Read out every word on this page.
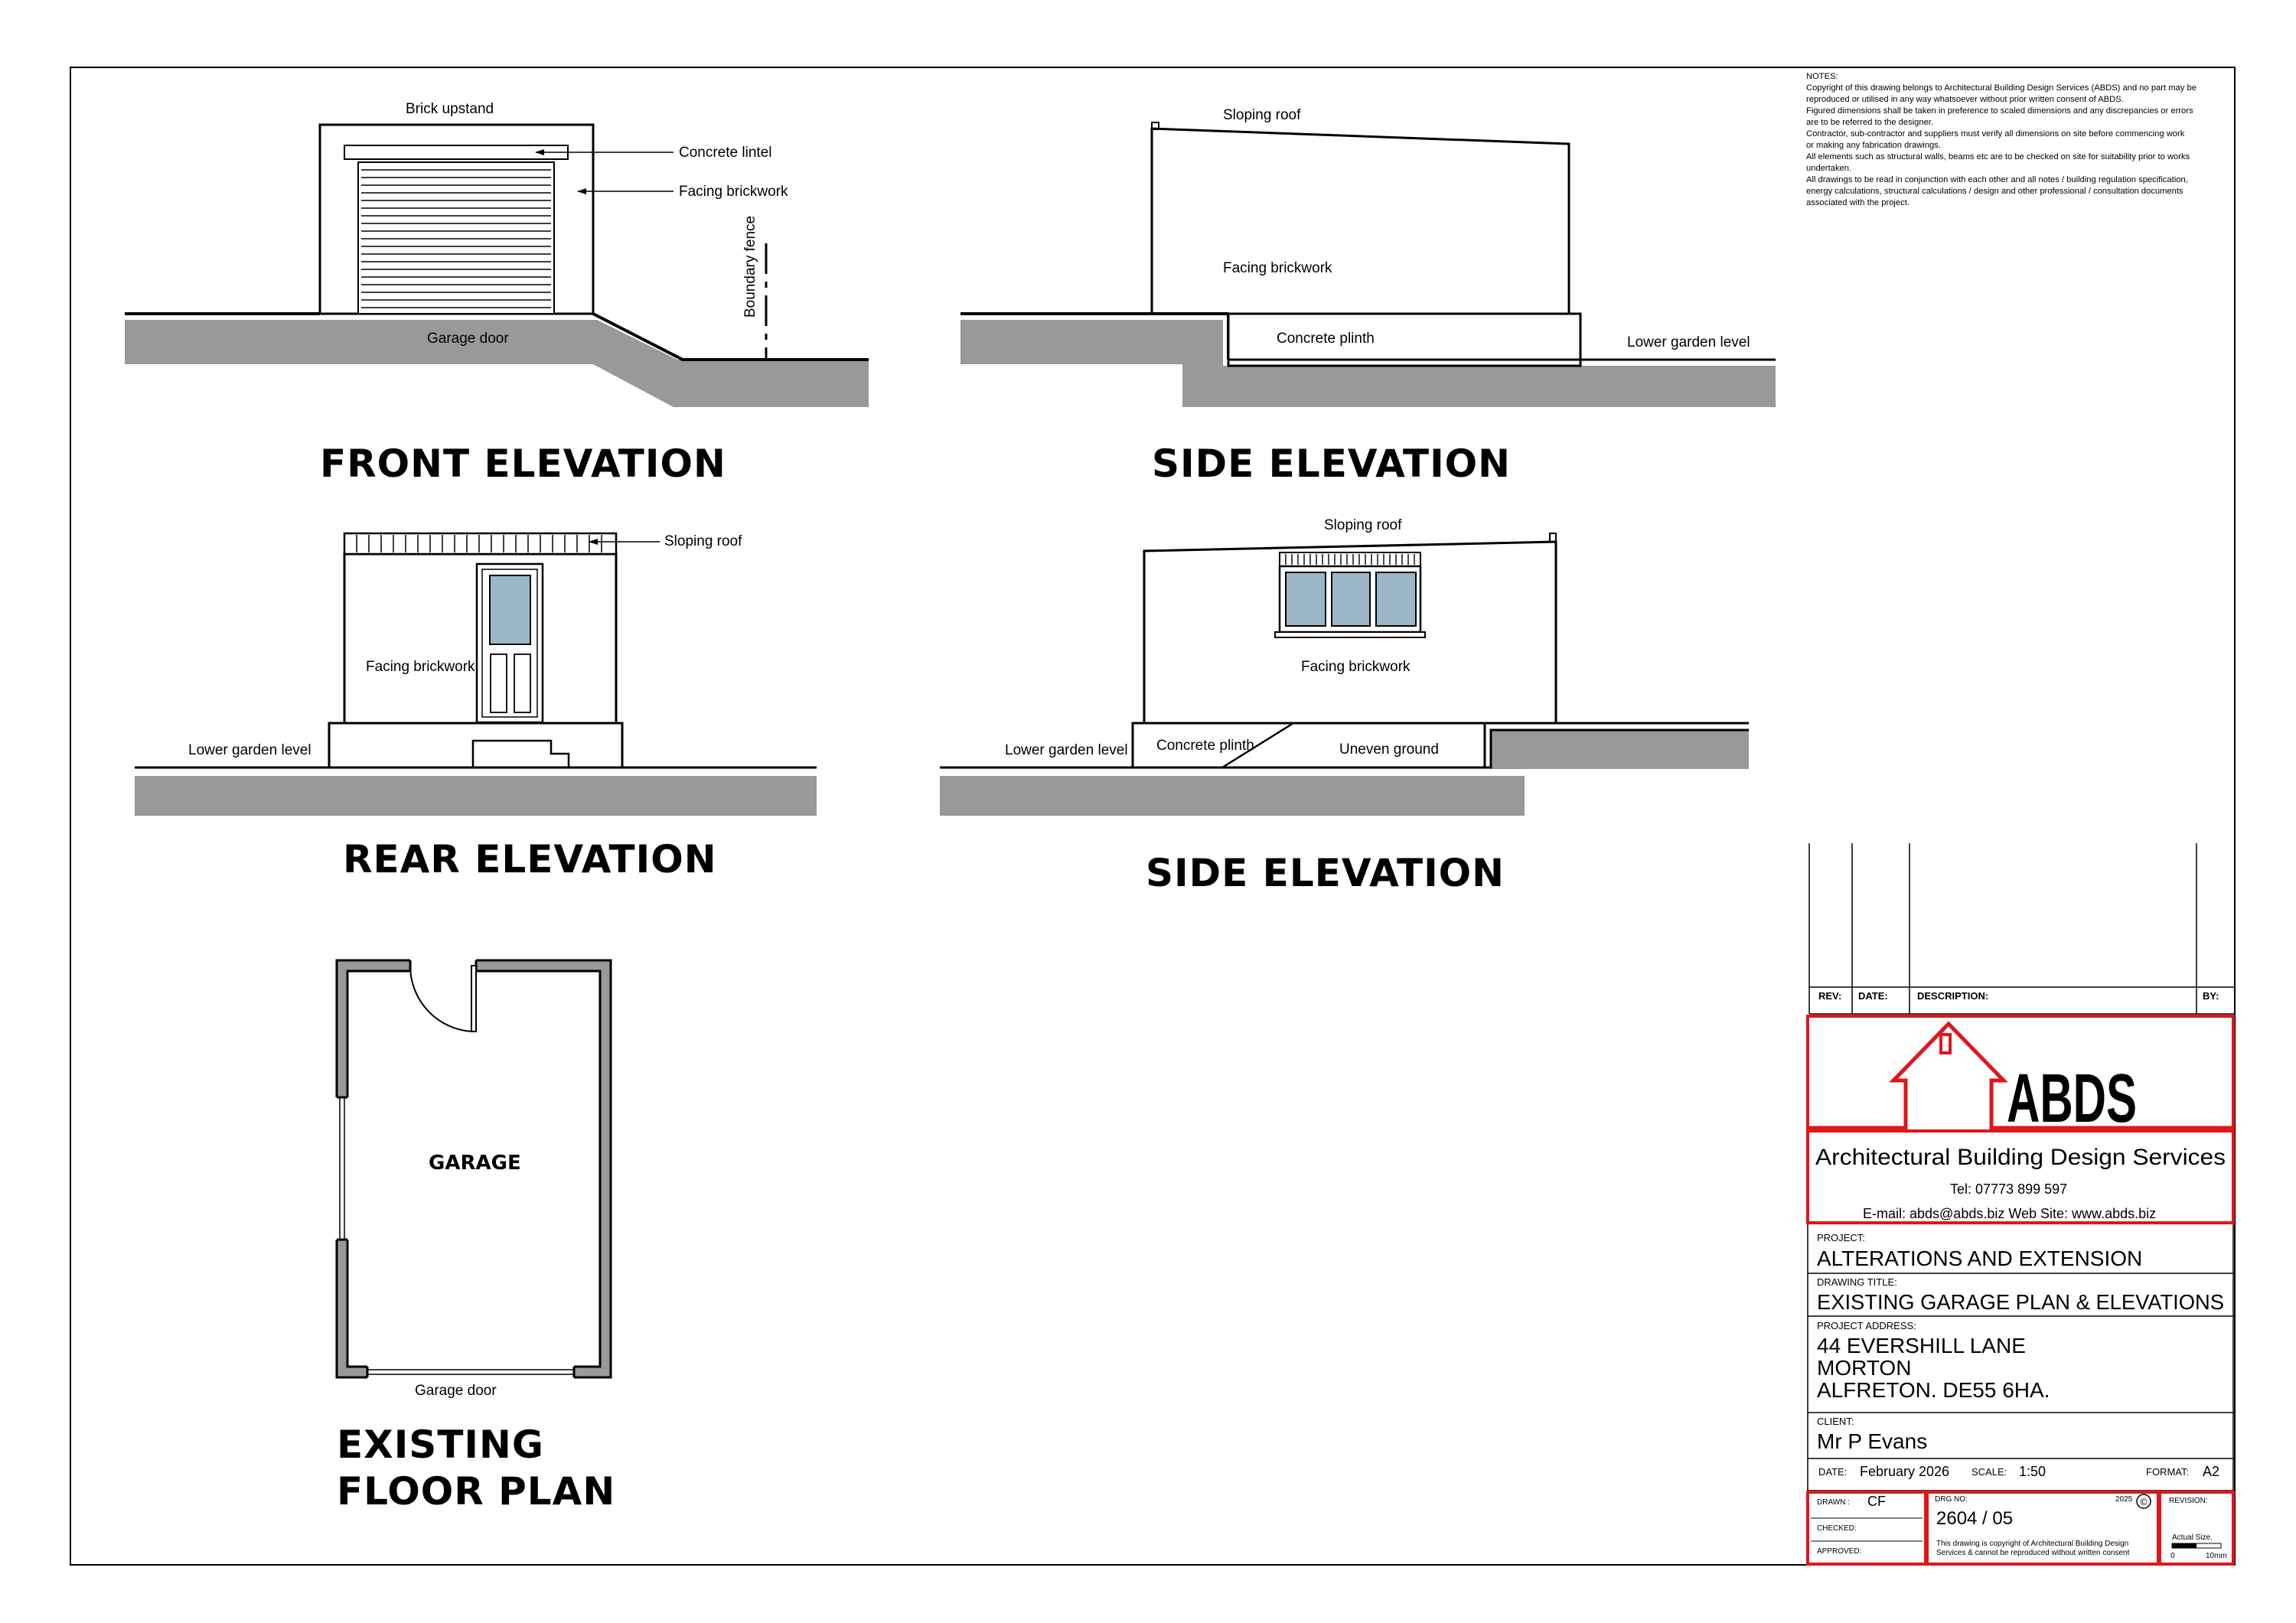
NOTES:
Copyright of this drawing belongs to Architectural Building Design Services (ABDS) and no part may be
reproduced or utilised in any way whatsoever without prior written consent of ABDS.
Figured dimensions shall be taken in preference to scaled dimensions and any discrepancies or errors
are to be referred to the designer.
Contractor, sub-contractor and suppliers must verify all dimensions on site before commencing work
or making any fabrication drawings.
All elements such as structural walls, beams etc are to be checked on site for suitability prior to works
undertaken.
All drawings to be read in conjunction with each other and all notes / building regulation specification,
energy calculations, structural calculations / design and other professional / consultation documents
associated with the project.
Brick upstand
Concrete lintel
Facing brickwork
Boundary fence
Garage door
FRONT ELEVATION
Sloping roof
Facing brickwork
Concrete plinth	Lower garden level
SIDE ELEVATION
Sloping roof
Facing brickwork
Lower garden level
REAR ELEVATION
Sloping roof
Facing brickwork
Concrete plinth	Uneven ground
Lower garden level
SIDE ELEVATION
GARAGE
Garage door
EXISTING
FLOOR PLAN
REV: DATE:	DESCRIPTION:	BY:
ABDS
Architectural Building Design Services
Tel: 07773 899 597
E-mail: abds@abds.biz Web Site: www.abds.biz
PROJECT:
ALTERATIONS AND EXTENSION
DRAWING TITLE:
EXISTING GARAGE PLAN & ELEVATIONS
PROJECT ADDRESS:
44 EVERSHILL LANE
MORTON
ALFRETON. DE55 6HA.
CLIENT:
Mr P Evans
DATE: February 2026 SCALE: 1:50	FORMAT: A2
DRAWN : CF
CHECKED:
APPROVED:
DRG NO:	2025 ©
2604 / 05
This drawing is copyright of Architectural Building Design
Services & cannot be reproduced without written consent
REVISION:
Actual Size.
0	10mm
